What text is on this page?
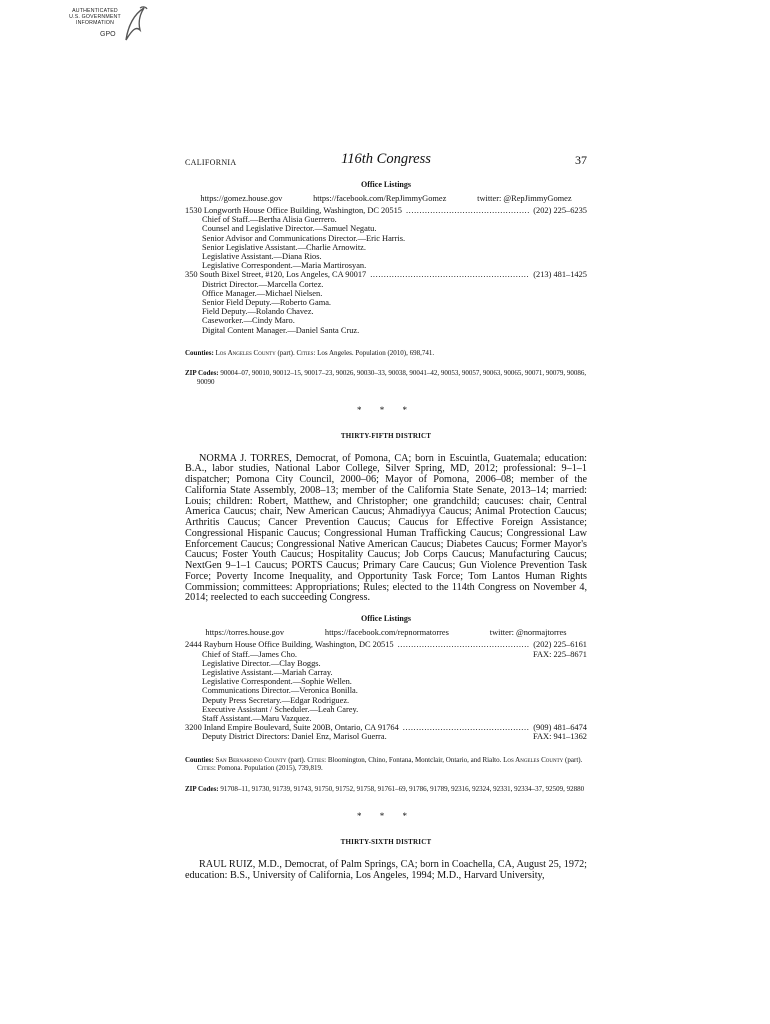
AUTHENTICATED
U.S. GOVERNMENT
INFORMATION
GPO
CALIFORNIA	116th Congress	37
Office Listings
https://gomez.house.gov	https://facebook.com/RepJimmyGomez	twitter: @RepJimmyGomez
1530 Longworth House Office Building, Washington, DC 20515 .....	(202) 225–6235
Chief of Staff.—Bertha Alisia Guerrero.
Counsel and Legislative Director.—Samuel Negatu.
Senior Advisor and Communications Director.—Eric Harris.
Senior Legislative Assistant.—Charlie Arnowitz.
Legislative Assistant.—Diana Rios.
Legislative Correspondent.—Maria Martirosyan.
350 South Bixel Street, #120, Los Angeles, CA 90017 .....	(213) 481–1425
District Director.—Marcella Cortez.
Office Manager.—Michael Nielsen.
Senior Field Deputy.—Roberto Gama.
Field Deputy.—Rolando Chavez.
Caseworker.—Cindy Maro.
Digital Content Manager.—Daniel Santa Cruz.
Counties: Los Angeles County (part). Cities: Los Angeles. Population (2010), 698,741.
ZIP Codes: 90004–07, 90010, 90012–15, 90017–23, 90026, 90030–33, 90038, 90041–42, 90053, 90057, 90063, 90065, 90071, 90079, 90086, 90090
* * *
THIRTY-FIFTH DISTRICT

NORMA J. TORRES, Democrat, of Pomona, CA; born in Escuintla, Guatemala; education: B.A., labor studies, National Labor College, Silver Spring, MD, 2012; professional: 9–1–1 dispatcher; Pomona City Council, 2000–06; Mayor of Pomona, 2006–08; member of the California State Assembly, 2008–13; member of the California State Senate, 2013–14; married: Louis; children: Robert, Matthew, and Christopher; one grandchild; caucuses: chair, Central America Caucus; chair, New American Caucus; Ahmadiyya Caucus; Animal Protection Caucus; Arthritis Caucus; Cancer Prevention Caucus; Caucus for Effective Foreign Assistance; Congressional Hispanic Caucus; Congressional Human Trafficking Caucus; Congressional Law Enforcement Caucus; Congressional Native American Caucus; Diabetes Caucus; Former Mayor's Caucus; Foster Youth Caucus; Hospitality Caucus; Job Corps Caucus; Manufacturing Caucus; NextGen 9–1–1 Caucus; PORTS Caucus; Primary Care Caucus; Gun Violence Prevention Task Force; Poverty Income Inequality, and Opportunity Task Force; Tom Lantos Human Rights Commission; committees: Appropriations; Rules; elected to the 114th Congress on November 4, 2014; reelected to each succeeding Congress.

Office Listings
https://torres.house.gov	https://facebook.com/repnormatorres	twitter: @normajtorres
2444 Rayburn House Office Building, Washington, DC 20515 .....	(202) 225–6161
FAX: 225–8671
Chief of Staff.—James Cho.
Legislative Director.—Clay Boggs.
Legislative Assistant.—Mariah Carray.
Legislative Correspondent.—Sophie Wellen.
Communications Director.—Veronica Bonilla.
Deputy Press Secretary.—Edgar Rodriguez.
Executive Assistant / Scheduler.—Leah Carey.
Staff Assistant.—Maru Vazquez.
3200 Inland Empire Boulevard, Suite 200B, Ontario, CA 91764 .....	(909) 481–6474
FAX: 941–1362
Deputy District Directors: Daniel Enz, Marisol Guerra.
Counties: San Bernardino County (part). Cities: Bloomington, Chino, Fontana, Montclair, Ontario, and Rialto. Los Angeles County (part). Cities: Pomona. Population (2015), 739,819.
ZIP Codes: 91708–11, 91730, 91739, 91743, 91750, 91752, 91758, 91761–69, 91786, 91789, 92316, 92324, 92331, 92334–37, 92509, 92880
* * *
THIRTY-SIXTH DISTRICT

RAUL RUIZ, M.D., Democrat, of Palm Springs, CA; born in Coachella, CA, August 25, 1972; education: B.S., University of California, Los Angeles, 1994; M.D., Harvard University,
